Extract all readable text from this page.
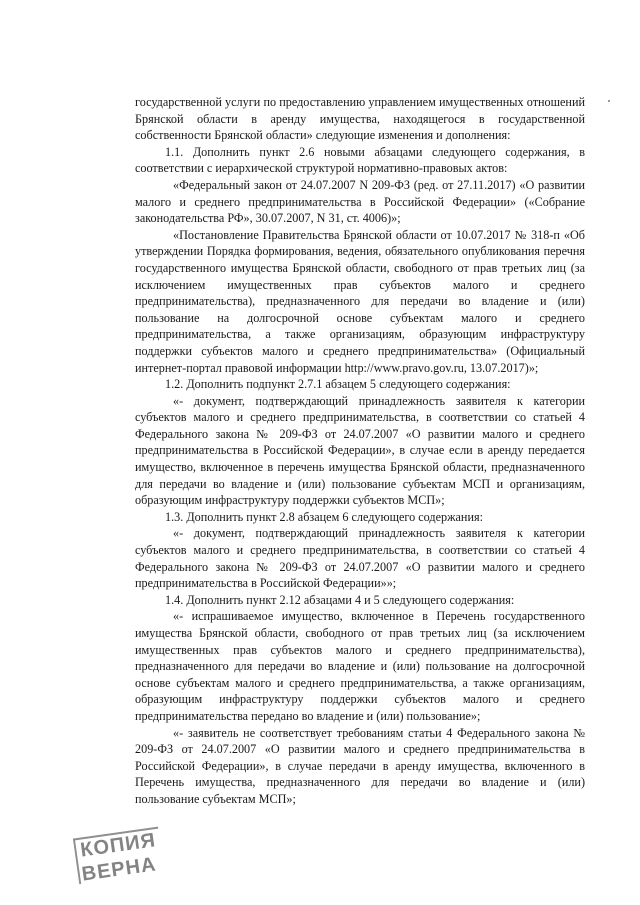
государственной услуги по предоставлению управлением имущественных отношений Брянской области в аренду имущества, находящегося в государственной собственности Брянской области» следующие изменения и дополнения:

1.1. Дополнить пункт 2.6 новыми абзацами следующего содержания, в соответствии с иерархической структурой нормативно-правовых актов:

«Федеральный закон от 24.07.2007 N 209-ФЗ (ред. от 27.11.2017) «О развитии малого и среднего предпринимательства в Российской Федерации» («Собрание законодательства РФ», 30.07.2007, N 31, ст. 4006)»;

«Постановление Правительства Брянской области от 10.07.2017 № 318-п «Об утверждении Порядка формирования, ведения, обязательного опубликования перечня государственного имущества Брянской области, свободного от прав третьих лиц (за исключением имущественных прав субъектов малого и среднего предпринимательства), предназначенного для передачи во владение и (или) пользование на долгосрочной основе субъектам малого и среднего предпринимательства, а также организациям, образующим инфраструктуру поддержки субъектов малого и среднего предпринимательства» (Официальный интернет-портал правовой информации http://www.pravo.gov.ru, 13.07.2017)»;

1.2. Дополнить подпункт 2.7.1 абзацем 5 следующего содержания:

«- документ, подтверждающий принадлежность заявителя к категории субъектов малого и среднего предпринимательства, в соответствии со статьей 4 Федерального закона № 209-ФЗ от 24.07.2007 «О развитии малого и среднего предпринимательства в Российской Федерации», в случае если в аренду передается имущество, включенное в перечень имущества Брянской области, предназначенного для передачи во владение и (или) пользование субъектам МСП и организациям, образующим инфраструктуру поддержки субъектов МСП»;

1.3. Дополнить пункт 2.8 абзацем 6 следующего содержания:

«- документ, подтверждающий принадлежность заявителя к категории субъектов малого и среднего предпринимательства, в соответствии со статьей 4 Федерального закона № 209-ФЗ от 24.07.2007 «О развитии малого и среднего предпринимательства в Российской Федерации»»;

1.4. Дополнить пункт 2.12 абзацами 4 и 5 следующего содержания:

«- испрашиваемое имущество, включенное в Перечень государственного имущества Брянской области, свободного от прав третьих лиц (за исключением имущественных прав субъектов малого и среднего предпринимательства), предназначенного для передачи во владение и (или) пользование на долгосрочной основе субъектам малого и среднего предпринимательства, а также организациям, образующим инфраструктуру поддержки субъектов малого и среднего предпринимательства передано во владение и (или) пользование»;

«- заявитель не соответствует требованиям статьи 4 Федерального закона № 209-ФЗ от 24.07.2007 «О развитии малого и среднего предпринимательства в Российской Федерации», в случае передачи в аренду имущества, включенного в Перечень имущества, предназначенного для передачи во владение и (или) пользование субъектам МСП»;

КОПИЯ
ВЕРНА
